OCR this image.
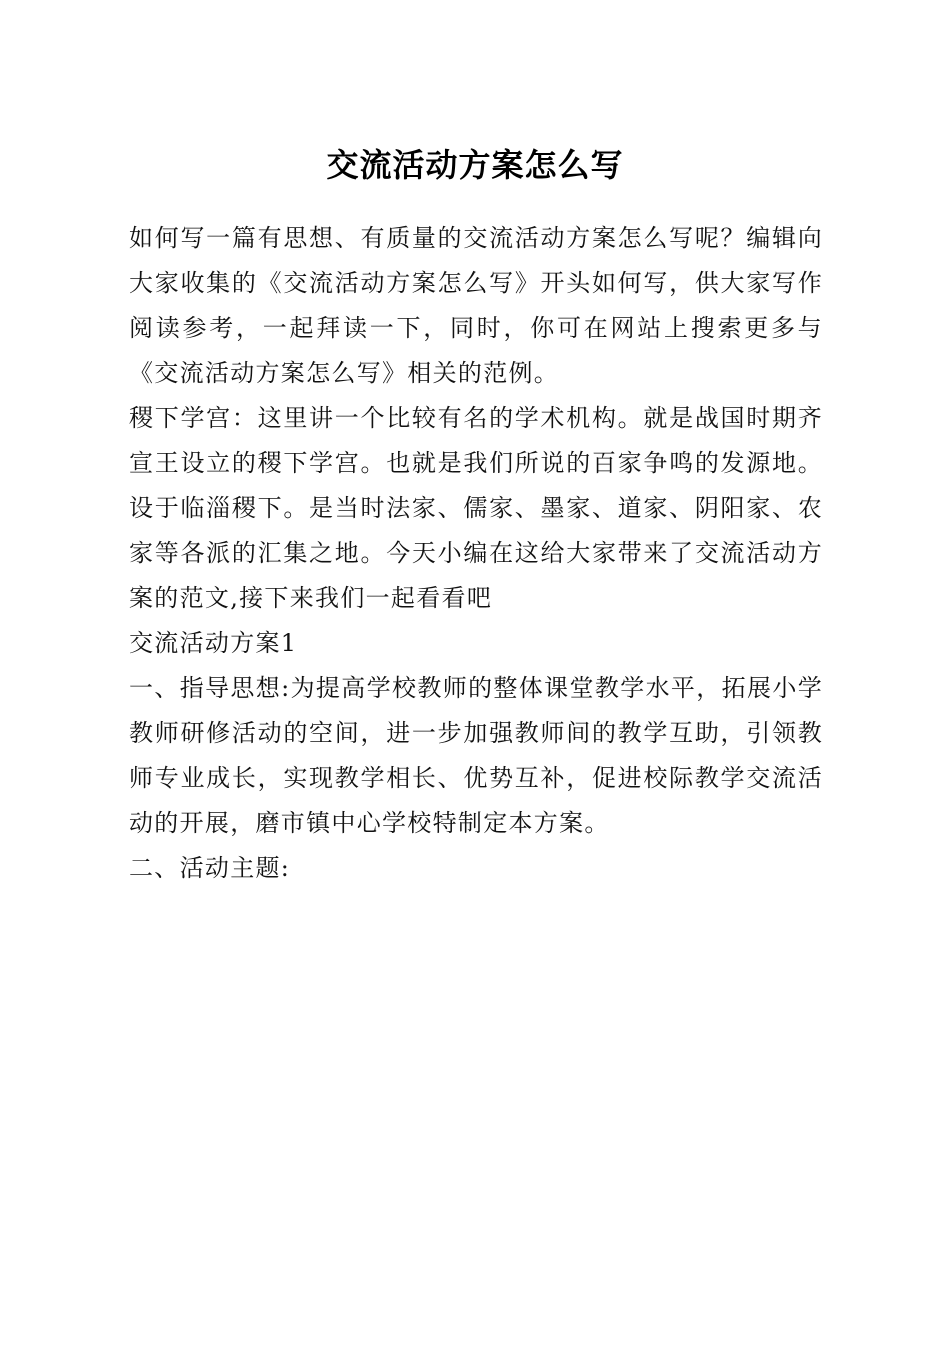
交流活动方案怎么写

如何写一篇有思想、有质量的交流活动方案怎么写呢？编辑向大家收集的《交流活动方案怎么写》开头如何写，供大家写作阅读参考，一起拜读一下，同时，你可在网站上搜索更多与《交流活动方案怎么写》相关的范例。

稷下学宫：这里讲一个比较有名的学术机构。就是战国时期齐宣王设立的稷下学宫。也就是我们所说的百家争鸣的发源地。设于临淄稷下。是当时法家、儒家、墨家、道家、阴阳家、农家等各派的汇集之地。今天小编在这给大家带来了交流活动方案的范文,接下来我们一起看看吧

交流活动方案1

一、指导思想:为提高学校教师的整体课堂教学水平，拓展小学教师研修活动的空间，进一步加强教师间的教学互助，引领教师专业成长，实现教学相长、优势互补，促进校际教学交流活动的开展，磨市镇中心学校特制定本方案。

二、活动主题:
